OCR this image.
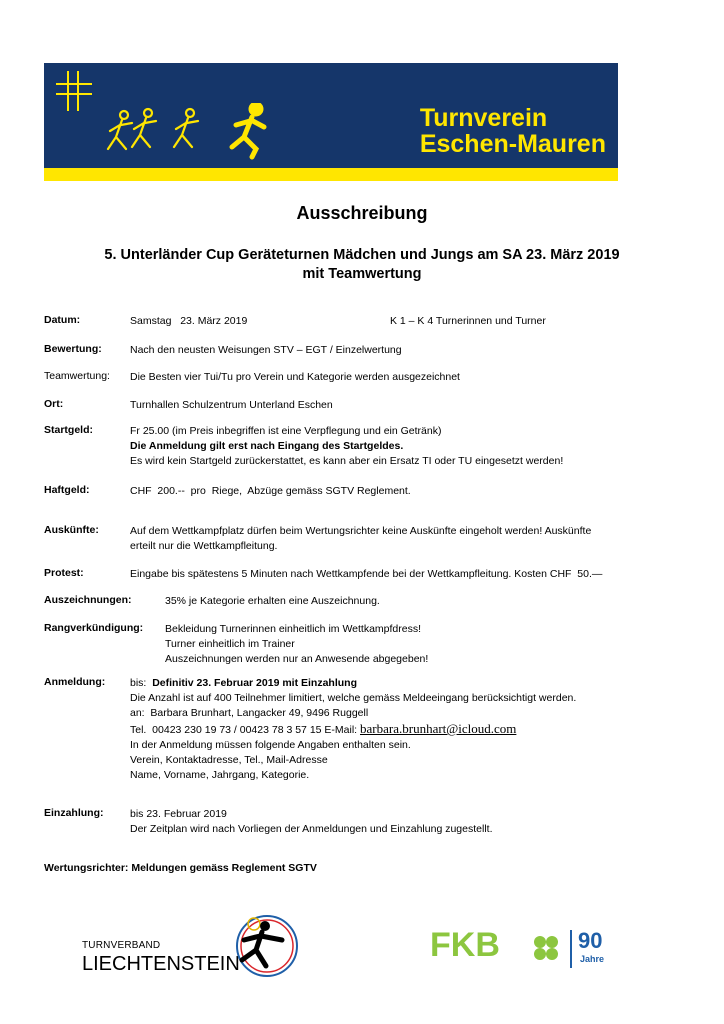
Turnverein
Eschen-Mauren
Ausschreibung
5. Unterländer Cup Geräteturnen Mädchen und Jungs am SA 23. März 2019
mit Teamwertung
Datum:	Samstag   23. März 2019	K 1 – K 4 Turnerinnen und Turner
Bewertung:	Nach den neusten Weisungen STV – EGT / Einzelwertung
Teamwertung: Die Besten vier Tui/Tu pro Verein und Kategorie werden ausgezeichnet
Ort:	Turnhallen Schulzentrum Unterland Eschen
Startgeld:	Fr 25.00 (im Preis inbegriffen ist eine Verpflegung und ein Getränk)
Die Anmeldung gilt erst nach Eingang des Startgeldes.
Es wird kein Startgeld zurückerstattet, es kann aber ein Ersatz TI oder TU eingesetzt werden!
Haftgeld:	CHF  200.--  pro  Riege,  Abzüge gemäss SGTV Reglement.
Auskünfte:	Auf dem Wettkampfplatz dürfen beim Wertungsrichter keine Auskünfte eingeholt werden! Auskünfte
erteilt nur die Wettkampfleitung.
Protest:	Eingabe bis spätestens 5 Minuten nach Wettkampfende bei der Wettkampfleitung. Kosten CHF  50.—
Auszeichnungen:	35% je Kategorie erhalten eine Auszeichnung.
Rangverkündigung: Bekleidung Turnerinnen einheitlich im Wettkampfdress!
Turner einheitlich im Trainer
Auszeichnungen werden nur an Anwesende abgegeben!
Anmeldung: bis: Definitiv 23. Februar 2019 mit Einzahlung
Die Anzahl ist auf 400 Teilnehmer limitiert, welche gemäss Meldeeingang berücksichtigt werden.
an:  Barbara Brunhart, Langacker 49, 9496 Ruggell
Tel.  00423 230 19 73 / 00423 78 3 57 15 E-Mail: barbara.brunhart@icloud.com
In der Anmeldung müssen folgende Angaben enthalten sein.
Verein, Kontaktadresse, Tel., Mail-Adresse
Name, Vorname, Jahrgang, Kategorie.
Einzahlung:	bis 23. Februar 2019
Der Zeitplan wird nach Vorliegen der Anmeldungen und Einzahlung zugestellt.
Wertungsrichter: Meldungen gemäss Reglement SGTV
TURNVERBAND
LIECHTENSTEIN	FKB	90
Jahre
